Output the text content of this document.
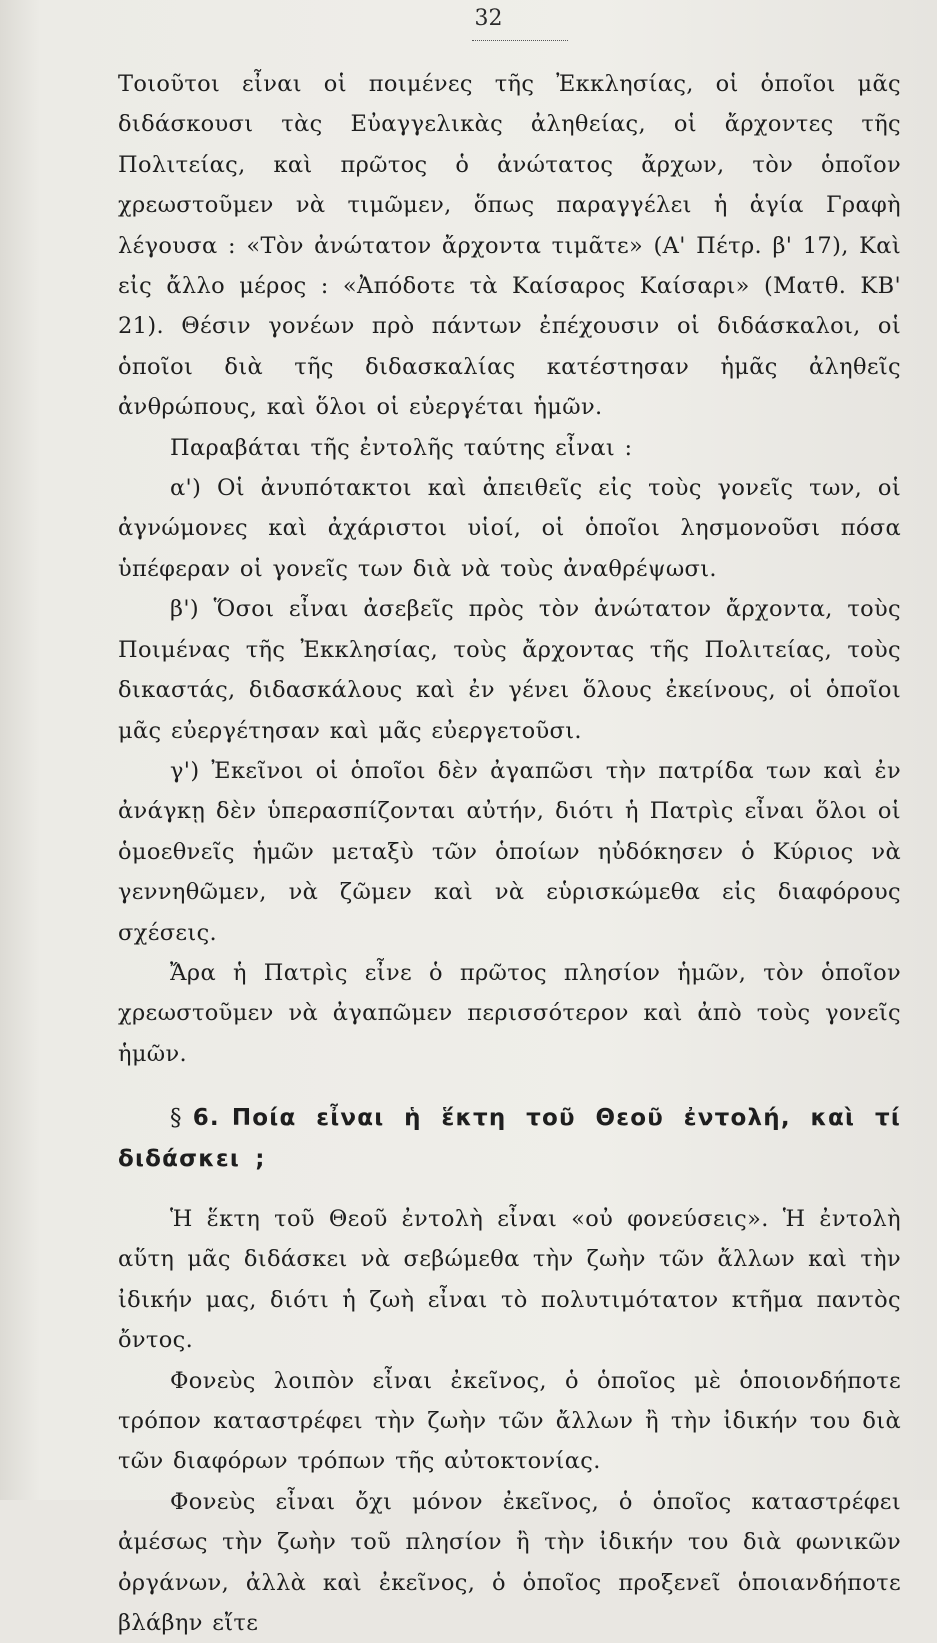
32

Τοιοῦτοι εἶναι οἱ ποιμένες τῆς Ἐκκλησίας, οἱ ὁποῖοι μᾶς διδάσκουσι τὰς Εὐαγγελικὰς ἀληθείας, οἱ ἄρχοντες τῆς Πολιτείας, καὶ πρῶτος ὁ ἀνώτατος ἄρχων, τὸν ὁποῖον χρεωστοῦμεν νὰ τιμῶμεν, ὅπως παραγγέλει ἡ ἁγία Γραφὴ λέγουσα : «Τὸν ἀνώτατον ἄρχοντα τιμᾶτε» (Α' Πέτρ. β' 17), Καὶ εἰς ἄλλο μέρος : «Ἀπόδοτε τὰ Καίσαρος Καίσαρι» (Ματθ. ΚΒ' 21). Θέσιν γονέων πρὸ πάντων ἐπέχουσιν οἱ διδάσκαλοι, οἱ ὁποῖοι διὰ τῆς διδασκαλίας κατέστησαν ἡμᾶς ἀληθεῖς ἀνθρώπους, καὶ ὅλοι οἱ εὐεργέται ἡμῶν.

Παραβάται τῆς ἐντολῆς ταύτης εἶναι :

α') Οἱ ἀνυπότακτοι καὶ ἀπειθεῖς εἰς τοὺς γονεῖς των, οἱ ἀγνώμονες καὶ ἀχάριστοι υἱοί, οἱ ὁποῖοι λησμονοῦσι πόσα ὑπέφεραν οἱ γονεῖς των διὰ νὰ τοὺς ἀναθρέψωσι.

β') Ὅσοι εἶναι ἀσεβεῖς πρὸς τὸν ἀνώτατον ἄρχοντα, τοὺς Ποιμένας τῆς Ἐκκλησίας, τοὺς ἄρχοντας τῆς Πολιτείας, τοὺς δικαστάς, διδασκάλους καὶ ἐν γένει ὅλους ἐκείνους, οἱ ὁποῖοι μᾶς εὐεργέτησαν καὶ μᾶς εὐεργετοῦσι.

γ') Ἐκεῖνοι οἱ ὁποῖοι δὲν ἀγαπῶσι τὴν πατρίδα των καὶ ἐν ἀνάγκῃ δὲν ὑπερασπίζονται αὐτήν, διότι ἡ Πατρὶς εἶναι ὅλοι οἱ ὁμοεθνεῖς ἡμῶν μεταξὺ τῶν ὁποίων ηὐδόκησεν ὁ Κύριος νὰ γεννηθῶμεν, νὰ ζῶμεν καὶ νὰ εὑρισκώμεθα εἰς διαφόρους σχέσεις.

Ἄρα ἡ Πατρὶς εἶνε ὁ πρῶτος πλησίον ἡμῶν, τὸν ὁποῖον χρεωστοῦμεν νὰ ἀγαπῶμεν περισσότερον καὶ ἀπὸ τοὺς γονεῖς ἡμῶν.

§ 6. Ποία εἶναι ἡ ἕκτη τοῦ Θεοῦ ἐντολή, καὶ τί διδάσκει ;

Ἡ ἕκτη τοῦ Θεοῦ ἐντολὴ εἶναι «οὐ φονεύσεις». Ἡ ἐντολὴ αὕτη μᾶς διδάσκει νὰ σεβώμεθα τὴν ζωὴν τῶν ἄλλων καὶ τὴν ἰδικήν μας, διότι ἡ ζωὴ εἶναι τὸ πολυτιμότατον κτῆμα παντὸς ὄντος.

Φονεὺς λοιπὸν εἶναι ἐκεῖνος, ὁ ὁποῖος μὲ ὁποιονδήποτε τρόπον καταστρέφει τὴν ζωὴν τῶν ἄλλων ἢ τὴν ἰδικήν του διὰ τῶν διαφόρων τρόπων τῆς αὐτοκτονίας.

Φονεὺς εἶναι ὄχι μόνον ἐκεῖνος, ὁ ὁποῖος καταστρέφει ἀμέσως τὴν ζωὴν τοῦ πλησίον ἢ τὴν ἰδικήν του διὰ φωνικῶν ὀργάνων, ἀλλὰ καὶ ἐκεῖνος, ὁ ὁποῖος προξενεῖ ὁποιανδήποτε βλάβην εἴτε
